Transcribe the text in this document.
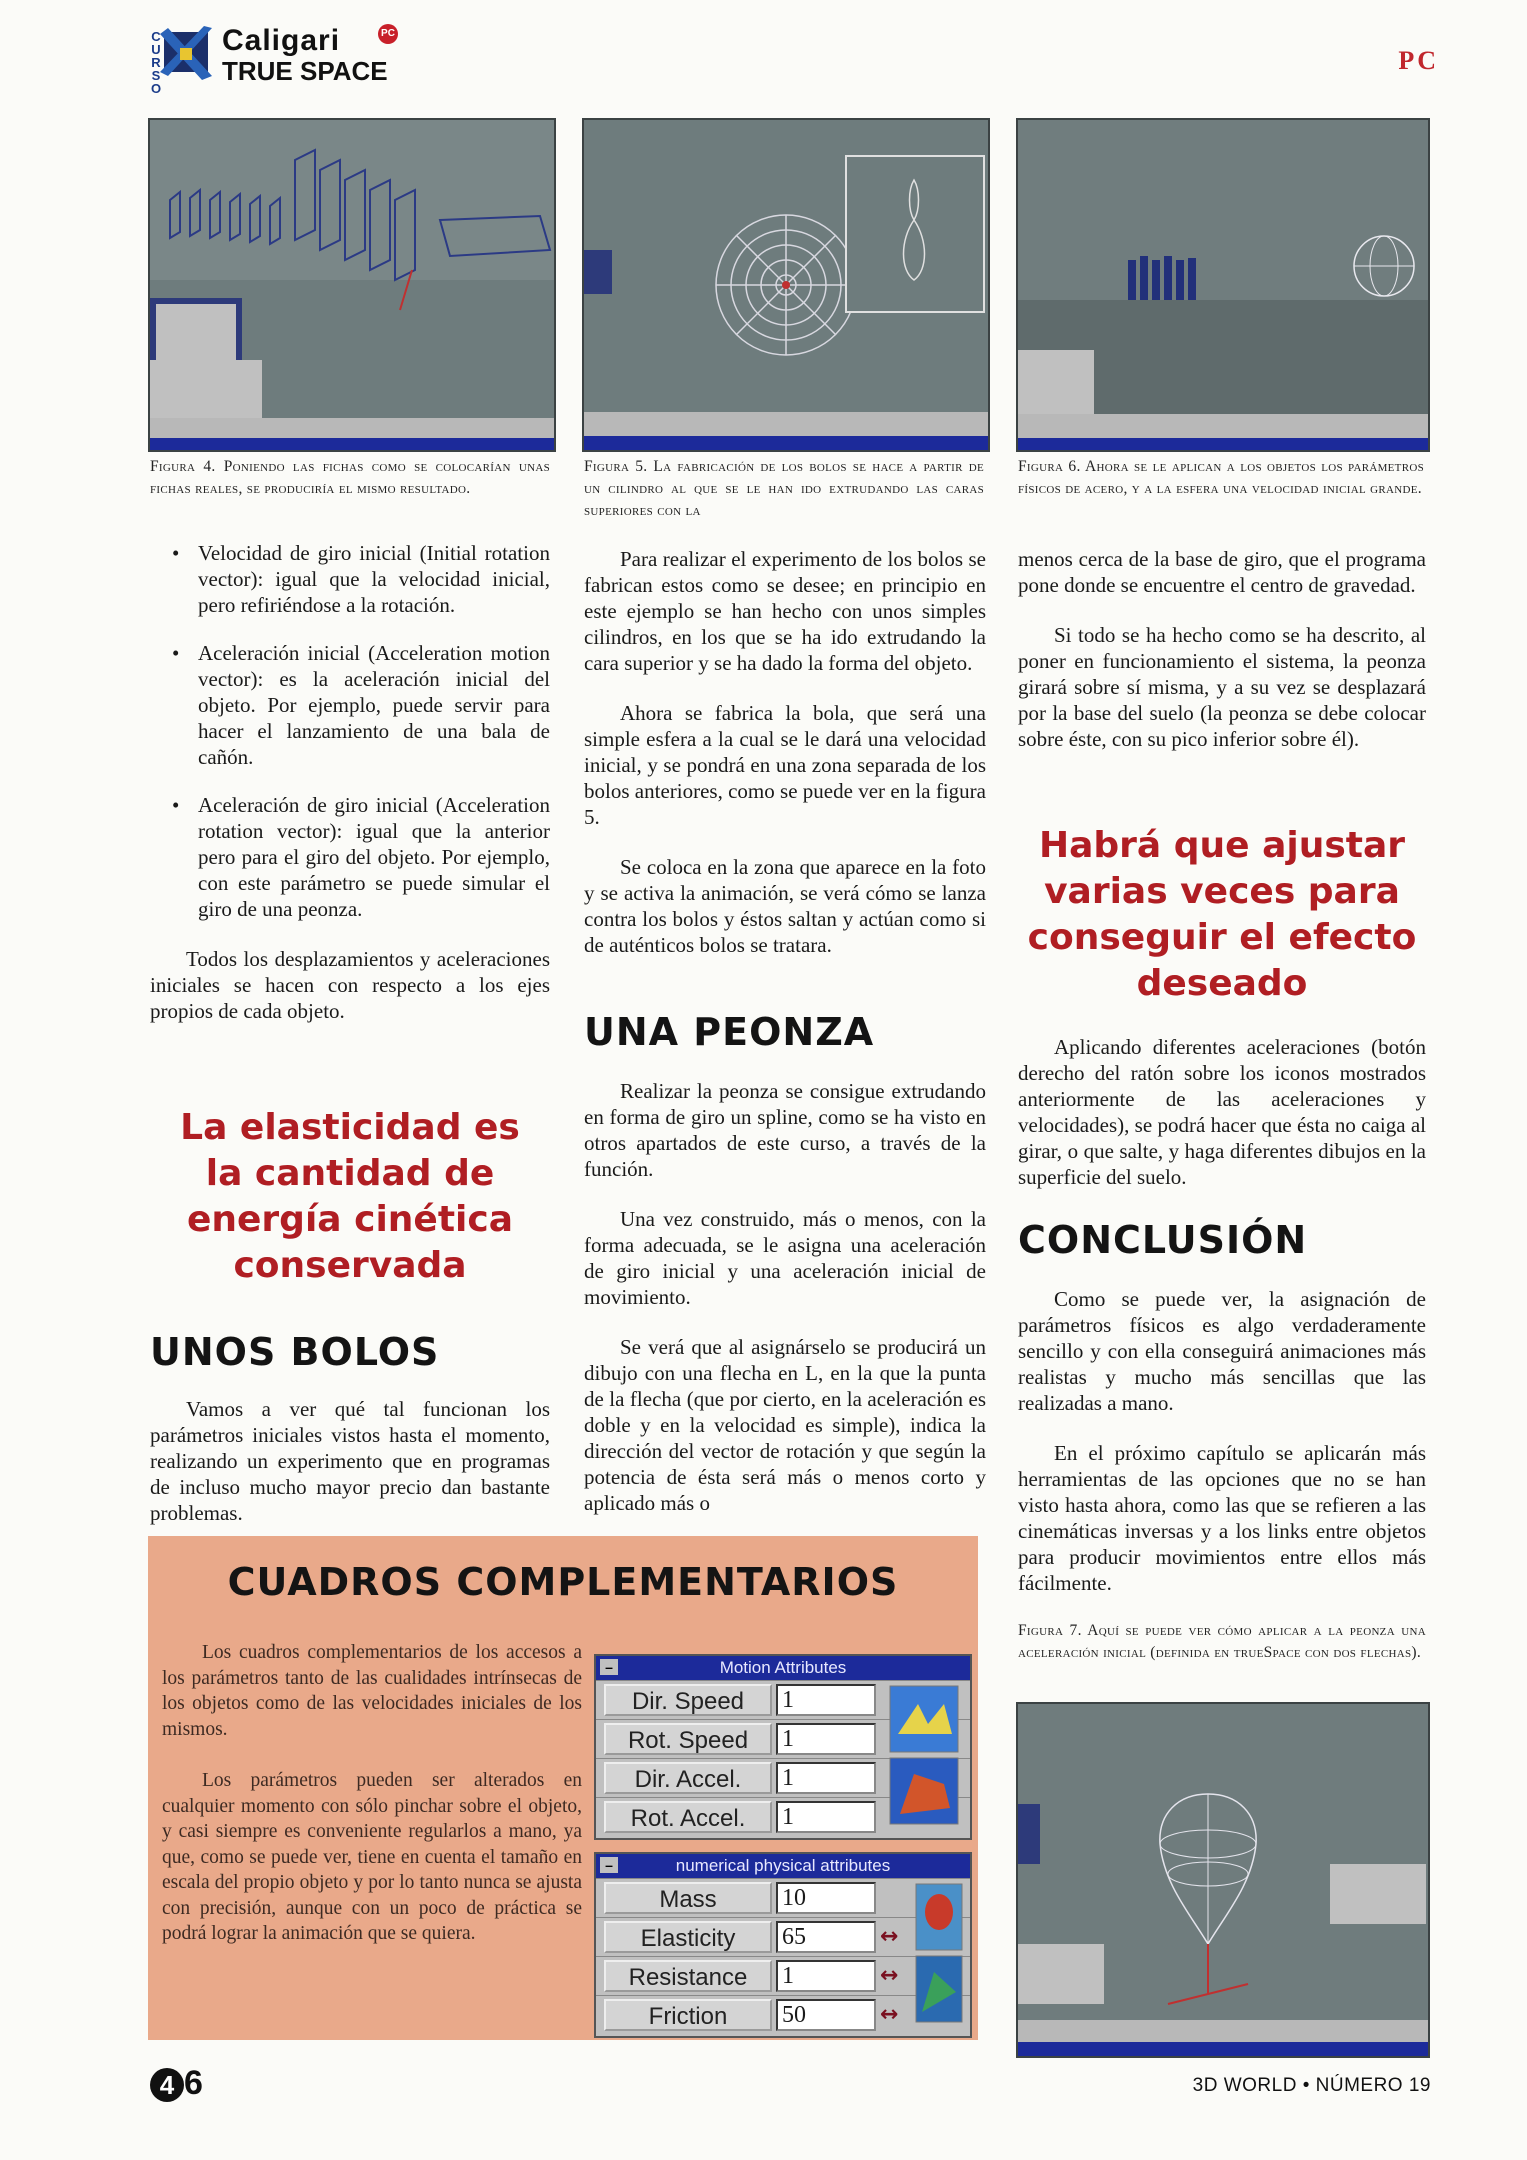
C
U
R
S
O
Caligari
TRUE SPACE
PC
PC
Figura 4. Poniendo las fichas como se colocarían unas fichas reales, se produciría el mismo resultado.
Figura 5. La fabricación de los bolos se hace a partir de un cilindro al que se le han ido extrudando las caras superiores con la
Figura 6. Ahora se le aplican a los objetos los parámetros físicos de acero, y a la esfera una velocidad inicial grande.
• Velocidad de giro inicial (Initial rotation vector): igual que la velocidad inicial, pero refiriéndose a la rotación.
• Aceleración inicial (Acceleration motion vector): es la aceleración inicial del objeto. Por ejemplo, puede servir para hacer el lanzamiento de una bala de cañón.
• Aceleración de giro inicial (Acceleration rotation vector): igual que la anterior pero para el giro del objeto. Por ejemplo, con este parámetro se puede simular el giro de una peonza.

Todos los desplazamientos y aceleraciones iniciales se hacen con respecto a los ejes propios de cada objeto.

La elasticidad es la cantidad de energía cinética conservada
UNOS BOLOS

Vamos a ver qué tal funcionan los parámetros iniciales vistos hasta el momento, realizando un experimento que en programas de incluso mucho mayor precio dan bastante problemas.

Para realizar el experimento de los bolos se fabrican estos como se desee; en principio en este ejemplo se han hecho con unos simples cilindros, en los que se ha ido extrudando la cara superior y se ha dado la forma del objeto.

Ahora se fabrica la bola, que será una simple esfera a la cual se le dará una velocidad inicial, y se pondrá en una zona separada de los bolos anteriores, como se puede ver en la figura 5.

Se coloca en la zona que aparece en la foto y se activa la animación, se verá cómo se lanza contra los bolos y éstos saltan y actúan como si de auténticos bolos se tratara.

UNA PEONZA

Realizar la peonza se consigue extrudando en forma de giro un spline, como se ha visto en otros apartados de este curso, a través de la función.

Una vez construido, más o menos, con la forma adecuada, se le asigna una aceleración de giro inicial y una aceleración inicial de movimiento.

Se verá que al asignárselo se producirá un dibujo con una flecha en L, en la que la punta de la flecha (que por cierto, en la aceleración es doble y en la velocidad es simple), indica la dirección del vector de rotación y que según la potencia de ésta será más o menos corto y aplicado más o

menos cerca de la base de giro, que el programa pone donde se encuentre el centro de gravedad.

Si todo se ha hecho como se ha descrito, al poner en funcionamiento el sistema, la peonza girará sobre sí misma, y a su vez se desplazará por la base del suelo (la peonza se debe colocar sobre éste, con su pico inferior sobre él).

Habrá que ajustar varias veces para conseguir el efecto deseado

Aplicando diferentes aceleraciones (botón derecho del ratón sobre los iconos mostrados anteriormente de las aceleraciones y velocidades), se podrá hacer que ésta no caiga al girar, o que salte, y haga diferentes dibujos en la superficie del suelo.

CONCLUSIÓN

Como se puede ver, la asignación de parámetros físicos es algo verdaderamente sencillo y con ella conseguirá animaciones más realistas y mucho más sencillas que las realizadas a mano.

En el próximo capítulo se aplicarán más herramientas de las opciones que no se han visto hasta ahora, como las que se refieren a las cinemáticas inversas y a los links entre objetos para producir movimientos entre ellos más fácilmente.

Figura 7. Aquí se puede ver cómo aplicar a la peonza una aceleración inicial (definida en trueSpace con dos flechas).
CUADROS COMPLEMENTARIOS

Los cuadros complementarios de los accesos a los parámetros tanto de las cualidades intrínsecas de los objetos como de las velocidades iniciales de los mismos.

Los parámetros pueden ser alterados en cualquier momento con sólo pinchar sobre el objeto, y casi siempre es conveniente regularlos a mano, ya que, como se puede ver, tiene en cuenta el tamaño en escala del propio objeto y por lo tanto nunca se ajusta con precisión, aunque con un poco de práctica se podrá lograr la animación que se quiera.

–	Motion Attributes
Dir. Speed	1
Rot. Speed	1
Dir. Accel.	1
Rot. Accel.	1
–	numerical physical attributes
Mass	10
Elasticity	65	↔
Resistance	1	↔
Friction	50	↔
4 6	3D WORLD • NÚMERO 19
